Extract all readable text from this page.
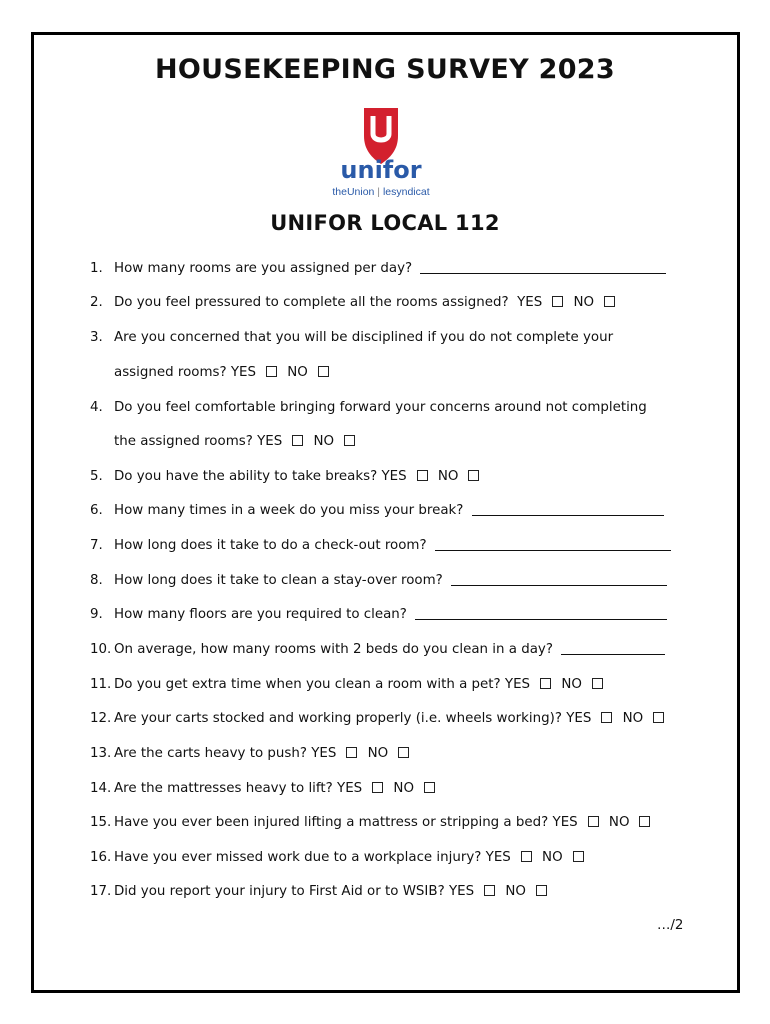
HOUSEKEEPING SURVEY 2023
unifor
theUnion | lesyndicat
UNIFOR LOCAL 112
1. How many rooms are you assigned per day?
2. Do you feel pressured to complete all the rooms assigned? YES NO
3. Are you concerned that you will be disciplined if you do not complete your
assigned rooms? YES NO
4. Do you feel comfortable bringing forward your concerns around not completing
the assigned rooms? YES NO
5. Do you have the ability to take breaks? YES NO
6. How many times in a week do you miss your break?
7. How long does it take to do a check-out room?
8. How long does it take to clean a stay-over room?
9. How many floors are you required to clean?
10. On average, how many rooms with 2 beds do you clean in a day?
11. Do you get extra time when you clean a room with a pet? YES NO
12. Are your carts stocked and working properly (i.e. wheels working)? YES NO
13. Are the carts heavy to push? YES NO
14. Are the mattresses heavy to lift? YES NO
15. Have you ever been injured lifting a mattress or stripping a bed? YES NO
16. Have you ever missed work due to a workplace injury? YES NO
17. Did you report your injury to First Aid or to WSIB? YES NO
…/2
